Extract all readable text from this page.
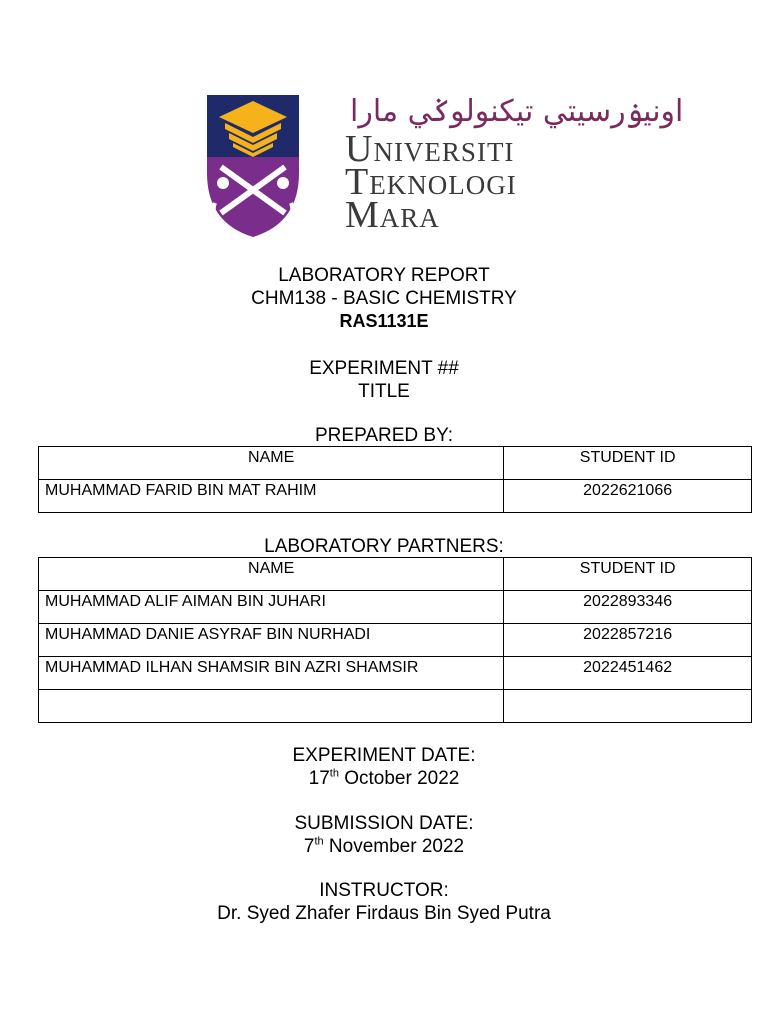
اونيۏرسيتي تيكنولوݢي مارا
Universiti
Teknologi
Mara
LABORATORY REPORT
CHM138 - BASIC CHEMISTRY
RAS1131E
EXPERIMENT ##
TITLE
PREPARED BY:
NAME	STUDENT ID
MUHAMMAD FARID BIN MAT RAHIM	2022621066
LABORATORY PARTNERS:
NAME	STUDENT ID
MUHAMMAD ALIF AIMAN BIN JUHARI	2022893346
MUHAMMAD DANIE ASYRAF BIN NURHADI	2022857216
MUHAMMAD ILHAN SHAMSIR BIN AZRI SHAMSIR	2022451462

EXPERIMENT DATE:
17th October 2022
SUBMISSION DATE:
7th November 2022
INSTRUCTOR:
Dr. Syed Zhafer Firdaus Bin Syed Putra
